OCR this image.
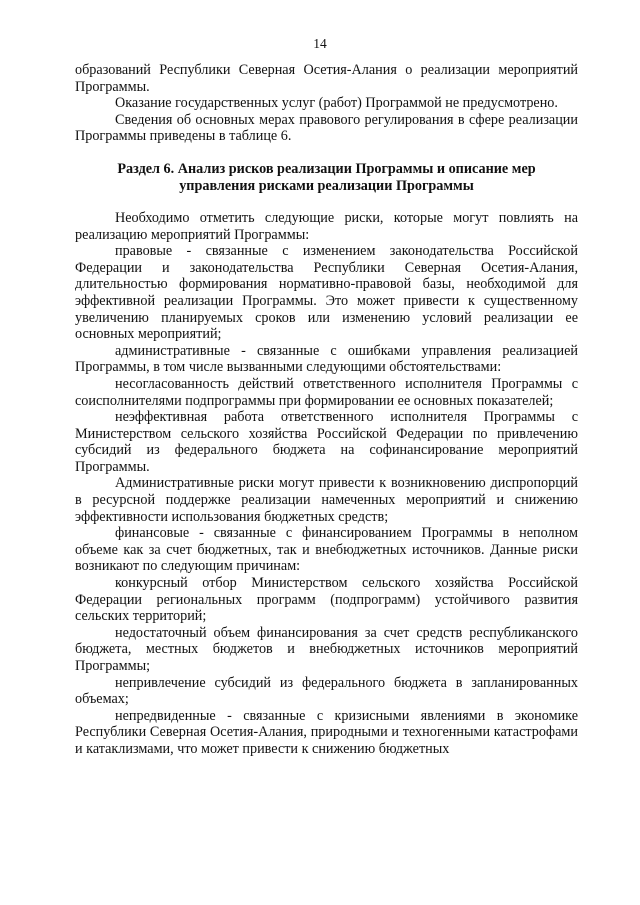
14

образований Республики Северная Осетия-Алания о реализации мероприятий Программы.

Оказание государственных услуг (работ) Программой не предусмотрено.

Сведения об основных мерах правового регулирования в сфере реализации Программы приведены в таблице 6.

Раздел 6. Анализ рисков реализации Программы и описание мер
управления рисками реализации Программы

Необходимо отметить следующие риски, которые могут повлиять на реализацию мероприятий Программы:

правовые - связанные с изменением законодательства Российской Федерации и законодательства Республики Северная Осетия-Алания, длительностью формирования нормативно-правовой базы, необходимой для эффективной реализации Программы. Это может привести к существенному увеличению планируемых сроков или изменению условий реализации ее основных мероприятий;

административные - связанные с ошибками управления реализацией Программы, в том числе вызванными следующими обстоятельствами:

несогласованность действий ответственного исполнителя Программы с соисполнителями подпрограммы при формировании ее основных показателей;

неэффективная работа ответственного исполнителя Программы с Министерством сельского хозяйства Российской Федерации по привлечению субсидий из федерального бюджета на софинансирование мероприятий Программы.

Административные риски могут привести к возникновению диспропорций в ресурсной поддержке реализации намеченных мероприятий и снижению эффективности использования бюджетных средств;

финансовые - связанные с финансированием Программы в неполном объеме как за счет бюджетных, так и внебюджетных источников. Данные риски возникают по следующим причинам:

конкурсный отбор Министерством сельского хозяйства Российской Федерации региональных программ (подпрограмм) устойчивого развития сельских территорий;

недостаточный объем финансирования за счет средств республиканского бюджета, местных бюджетов и внебюджетных источников мероприятий Программы;

непривлечение субсидий из федерального бюджета в запланированных объемах;

непредвиденные - связанные с кризисными явлениями в экономике Республики Северная Осетия-Алания, природными и техногенными катастрофами и катаклизмами, что может привести к снижению бюджетных
